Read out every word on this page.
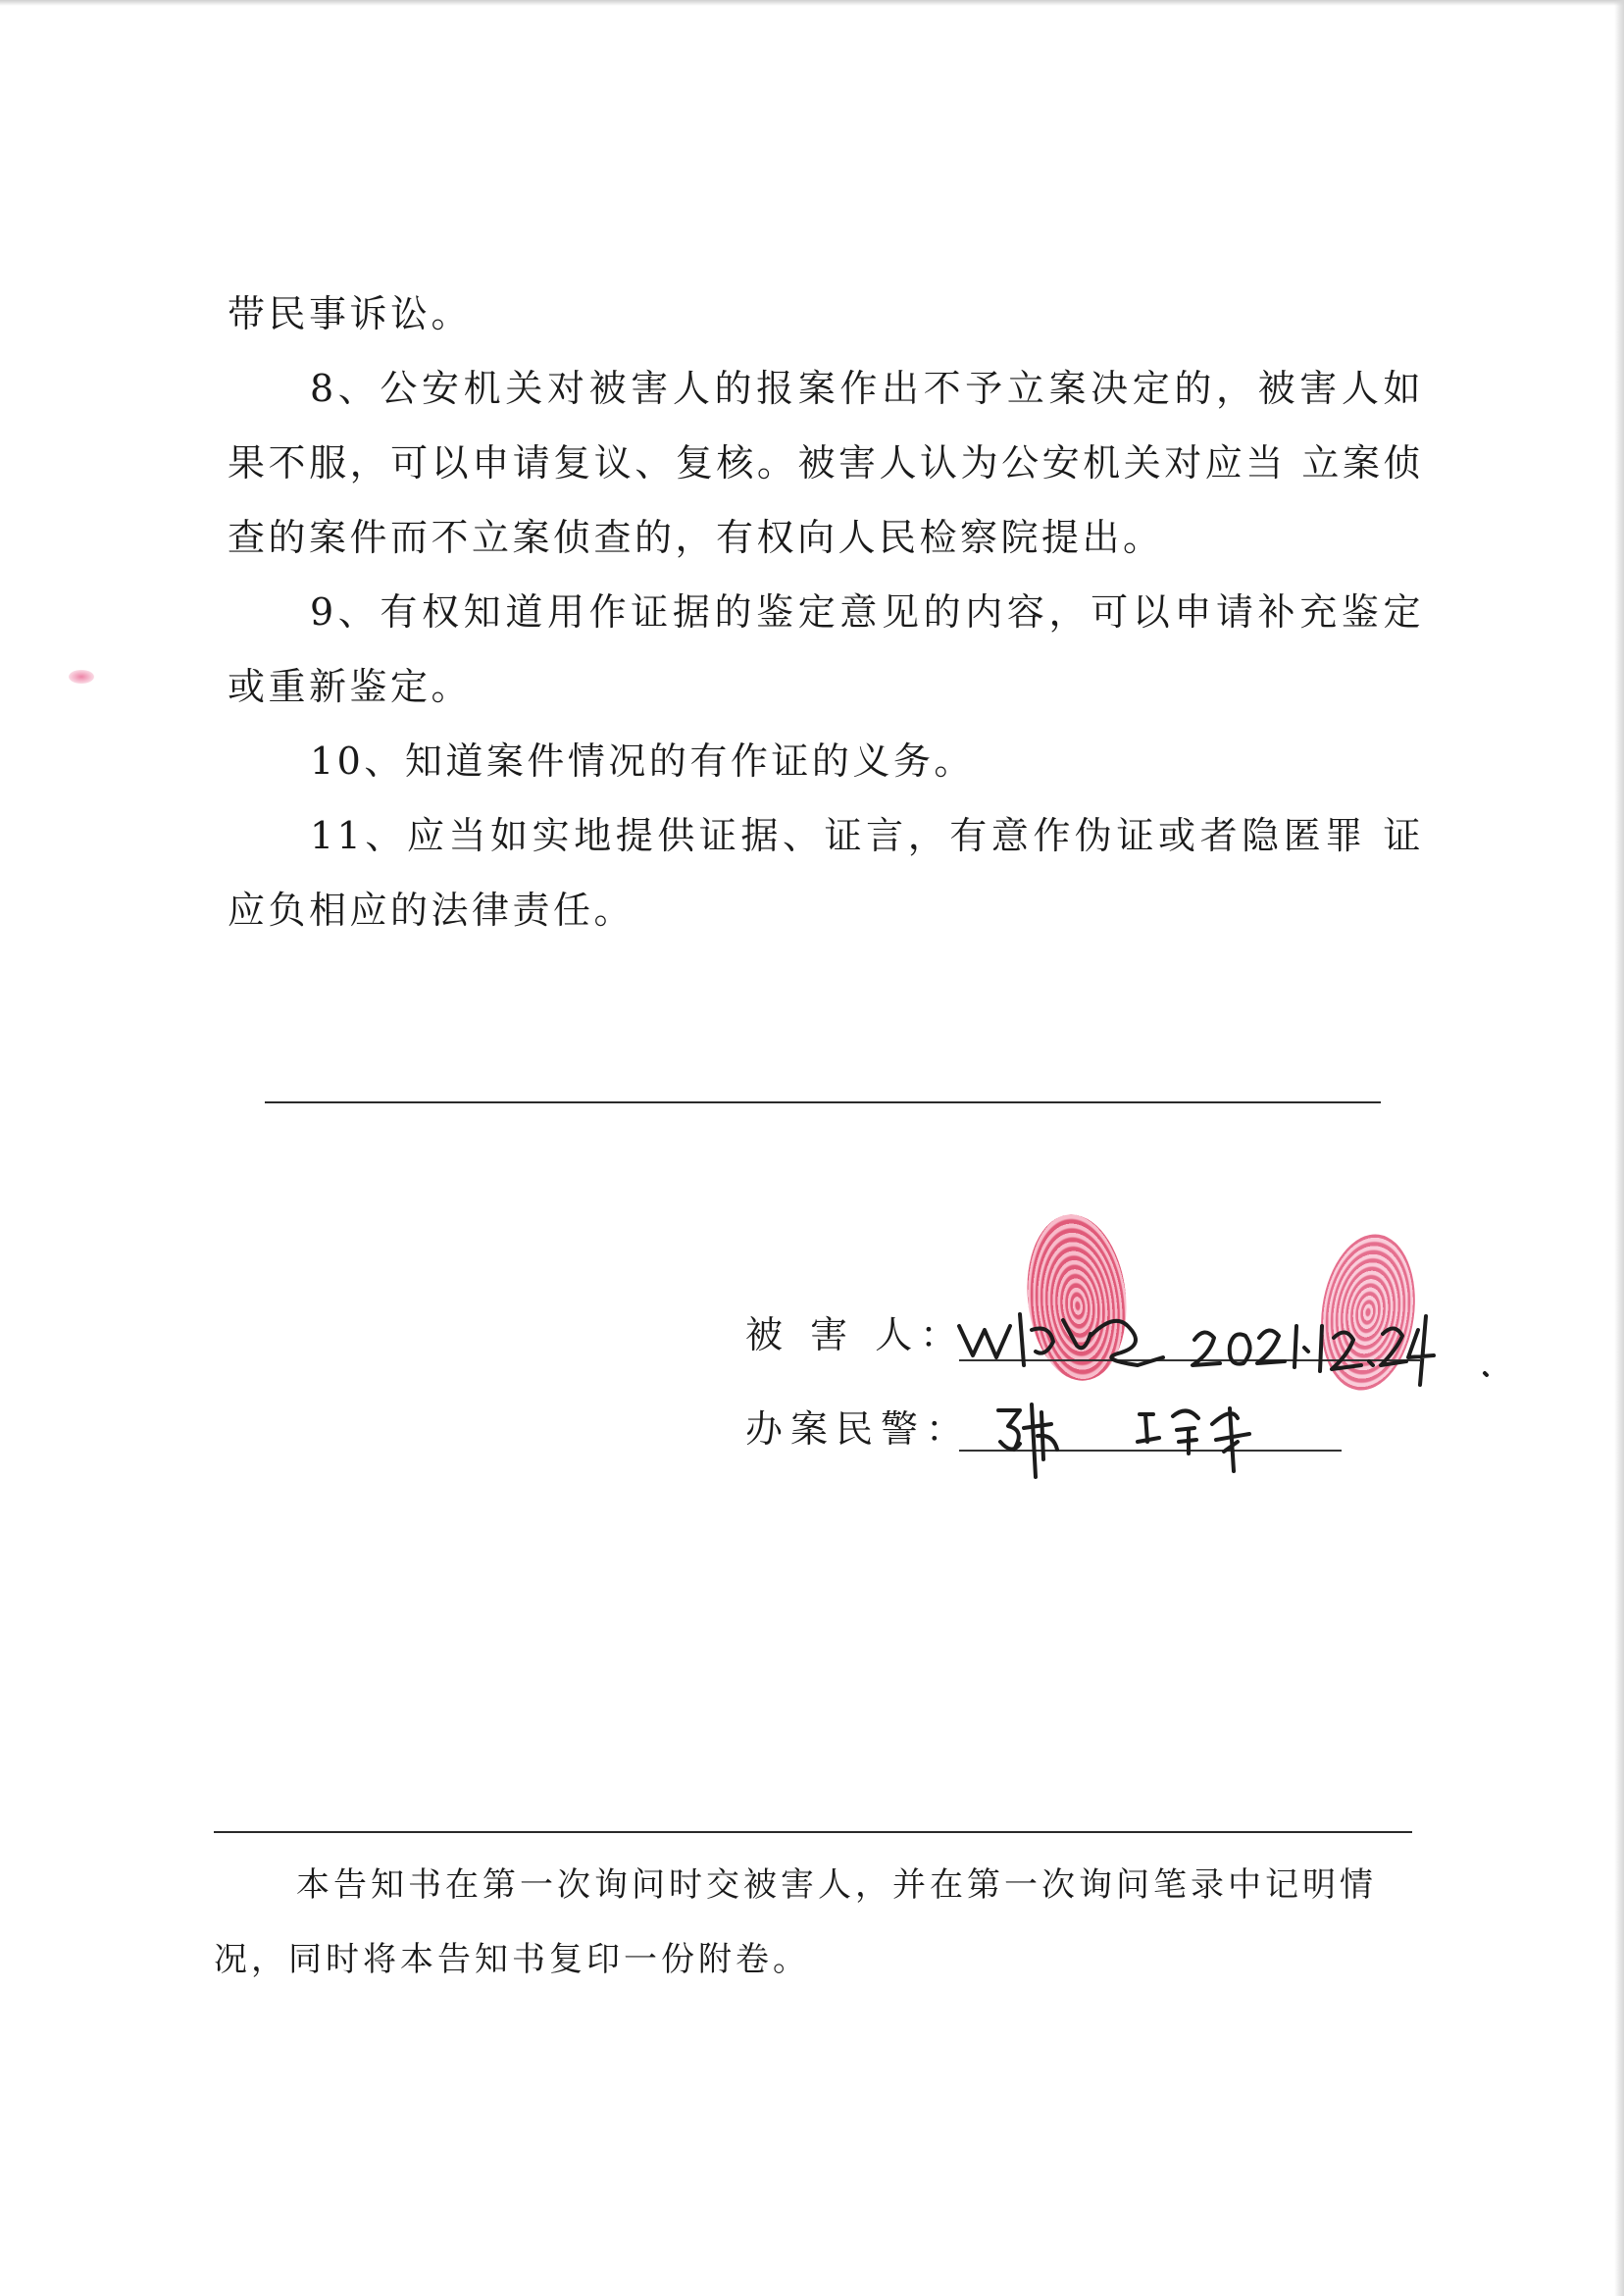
带民事诉讼。

8、公安机关对被害人的报案作出不予立案决定的，被害人如果不服，可以申请复议、复核。被害人认为公安机关对应当 立案侦查的案件而不立案侦查的，有权向人民检察院提出。

9、有权知道用作证据的鉴定意见的内容，可以申请补充鉴定或重新鉴定。

10、知道案件情况的有作证的义务。

11、应当如实地提供证据、证言，有意作伪证或者隐匿罪 证应负相应的法律责任。

被 害 人：
办案民警：

本告知书在第一次询问时交被害人，并在第一次询问笔录中记明情况，同时将本告知书复印一份附卷。
